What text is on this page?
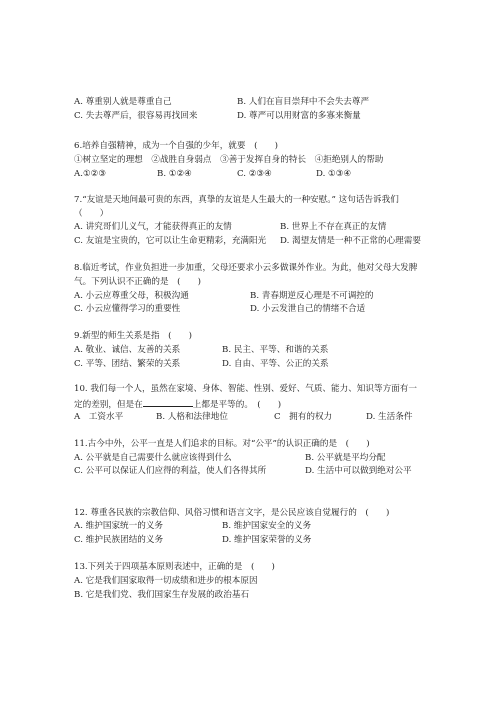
A. 尊重别人就是尊重自己	B. 人们在盲目崇拜中不会失去尊严
C. 失去尊严后，很容易再找回来	D. 尊严可以用财富的多寡来衡量
6.培养自强精神，成为一个自强的少年，就要　(　　)
①树立坚定的理想　②战胜自身弱点　③善于发挥自身的特长　④拒绝别人的帮助
A.①②③	B. ①②④	C. ②③④	D. ①③④
7.“友谊是天地间最可贵的东西，真挚的友谊是人生最大的一种安慰。” 这句话告诉我们
（　　）
A. 讲究哥们儿义气，才能获得真正的友情	B. 世界上不存在真正的友情
C. 友谊是宝贵的，它可以让生命更精彩，充满阳光 D. 渴望友情是一种不正常的心理需要
8.临近考试，作业负担进一步加重，父母还要求小云多做课外作业。为此，他对父母大发脾
气。下列认识不正确的是　(　　)
A. 小云应尊重父母，积极沟通	B. 青春期逆反心理是不可调控的
C. 小云应懂得学习的重要性	D. 小云发泄自己的情绪不合适
9.新型的师生关系是指　(　　)
A. 敬业、诚信、友善的关系	B. 民主、平等、和谐的关系
C. 平等、团结、繁荣的关系	D. 自由、平等、公正的关系
10. 我们每一个人，虽然在家境、身体、智能、性别、爱好、气质、能力、知识等方面有一
定的差别，但是在	上都是平等的。　(　　)
A　工资水平	B. 人格和法律地位	C　拥有的权力	D. 生活条件
11.古今中外，公平一直是人们追求的目标。对“公平”的认识正确的是　(　　)
A. 公平就是自己需要什么就应该得到什么	B. 公平就是平均分配
C. 公平可以保证人们应得的利益，使人们各得其所	D. 生活中可以做到绝对公平
12. 尊重各民族的宗教信仰、风俗习惯和语言文字，是公民应该自觉履行的　(　　)
A. 维护国家统一的义务	B. 维护国家安全的义务
C. 维护民族团结的义务	D. 维护国家荣誉的义务
13.下列关于四项基本原则表述中，正确的是　(　　)
A. 它是我们国家取得一切成绩和进步的根本原因
B. 它是我们党、我们国家生存发展的政治基石
